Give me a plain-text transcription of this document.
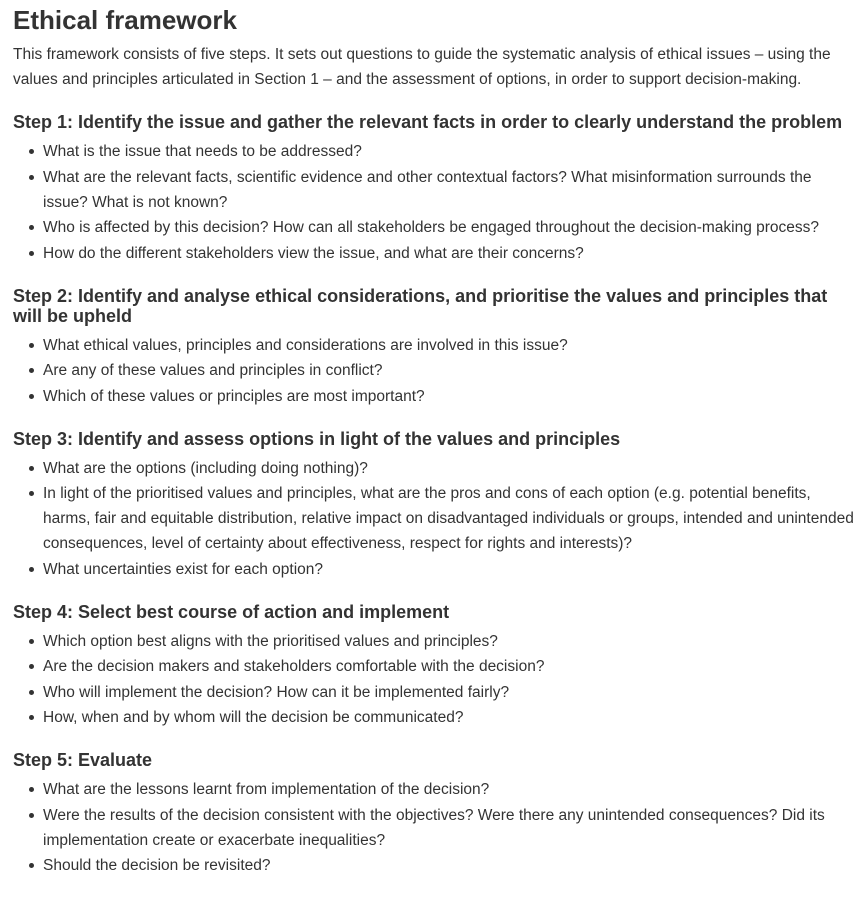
Ethical framework

This framework consists of five steps. It sets out questions to guide the systematic analysis of ethical issues – using the values and principles articulated in Section 1 – and the assessment of options, in order to support decision-making.

Step 1: Identify the issue and gather the relevant facts in order to clearly understand the problem
What is the issue that needs to be addressed?
What are the relevant facts, scientific evidence and other contextual factors? What misinformation surrounds the issue? What is not known?
Who is affected by this decision? How can all stakeholders be engaged throughout the decision-making process?
How do the different stakeholders view the issue, and what are their concerns?
Step 2: Identify and analyse ethical considerations, and prioritise the values and principles that will be upheld
What ethical values, principles and considerations are involved in this issue?
Are any of these values and principles in conflict?
Which of these values or principles are most important?
Step 3: Identify and assess options in light of the values and principles
What are the options (including doing nothing)?
In light of the prioritised values and principles, what are the pros and cons of each option (e.g. potential benefits, harms, fair and equitable distribution, relative impact on disadvantaged individuals or groups, intended and unintended consequences, level of certainty about effectiveness, respect for rights and interests)?
What uncertainties exist for each option?
Step 4: Select best course of action and implement
Which option best aligns with the prioritised values and principles?
Are the decision makers and stakeholders comfortable with the decision?
Who will implement the decision? How can it be implemented fairly?
How, when and by whom will the decision be communicated?
Step 5: Evaluate
What are the lessons learnt from implementation of the decision?
Were the results of the decision consistent with the objectives? Were there any unintended consequences? Did its implementation create or exacerbate inequalities?
Should the decision be revisited?
